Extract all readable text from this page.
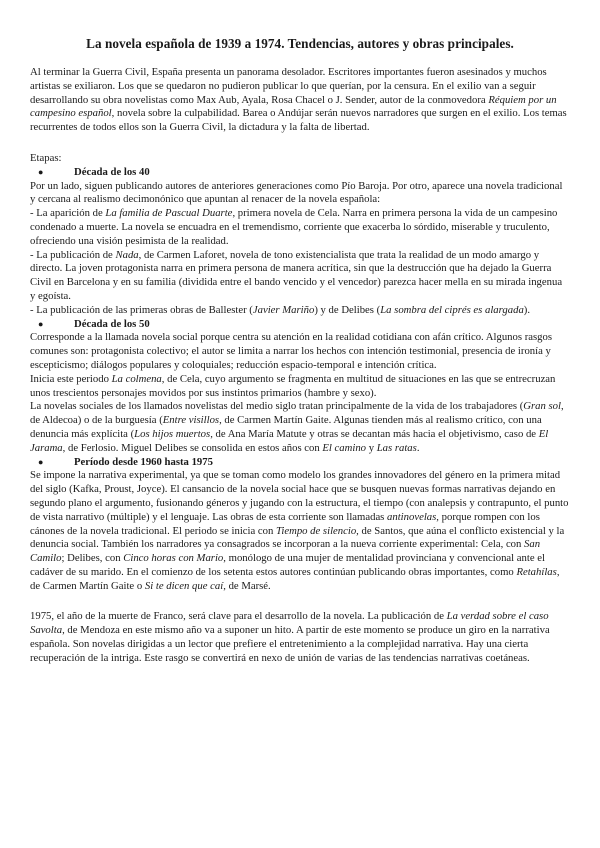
La novela española de 1939 a 1974. Tendencias, autores y obras principales.

Al terminar la Guerra Civil, España presenta un panorama desolador. Escritores importantes fueron asesinados y muchos artistas se exiliaron. Los que se quedaron no pudieron publicar lo que querían, por la censura. En el exilio van a seguir desarrollando su obra novelistas como Max Aub, Ayala, Rosa Chacel o J. Sender, autor de la conmovedora Réquiem por un campesino español, novela sobre la culpabilidad. Barea o Andújar serán nuevos narradores que surgen en el exilio. Los temas recurrentes de todos ellos son la Guerra Civil, la dictadura y la falta de libertad.

Etapas:

●	Década de los 40

Por un lado, siguen publicando autores de anteriores generaciones como Pío Baroja. Por otro, aparece una novela tradicional y cercana al realismo decimonónico que apuntan al renacer de la novela española:

- La aparición de La familia de Pascual Duarte, primera novela de Cela. Narra en primera persona la vida de un campesino condenado a muerte. La novela se encuadra en el tremendismo, corriente que exacerba lo sórdido, miserable y truculento, ofreciendo una visión pesimista de la realidad.

- La publicación de Nada, de Carmen Laforet, novela de tono existencialista que trata la realidad de un modo amargo y directo. La joven protagonista narra en primera persona de manera acrítica, sin que la destrucción que ha dejado la Guerra Civil en Barcelona y en su familia (dividida entre el bando vencido y el vencedor) parezca hacer mella en su mirada ingenua y egoísta.

- La publicación de las primeras obras de Ballester (Javier Mariño) y de Delibes (La sombra del ciprés es alargada).

●	Década de los 50

Corresponde a la llamada novela social porque centra su atención en la realidad cotidiana con afán crítico. Algunos rasgos comunes son: protagonista colectivo; el autor se limita a narrar los hechos con intención testimonial, presencia de ironía y escepticismo; diálogos populares y coloquiales; reducción espacio-temporal e intención crítica.

Inicia este periodo La colmena, de Cela, cuyo argumento se fragmenta en multitud de situaciones en las que se entrecruzan unos trescientos personajes movidos por sus instintos primarios (hambre y sexo).

La novelas sociales de los llamados novelistas del medio siglo tratan principalmente de la vida de los trabajadores (Gran sol, de Aldecoa) o de la burguesía (Entre visillos, de Carmen Martín Gaite. Algunas tienden más al realismo crítico, con una denuncia más explícita (Los hijos muertos, de Ana María Matute y otras se decantan más hacia el objetivismo, caso de El Jarama, de Ferlosio. Miguel Delibes se consolida en estos años con El camino y Las ratas.

●	Período desde 1960 hasta 1975

Se impone la narrativa experimental, ya que se toman como modelo los grandes innovadores del género en la primera mitad del siglo (Kafka, Proust, Joyce). El cansancio de la novela social hace que se busquen nuevas formas narrativas dejando en segundo plano el argumento, fusionando géneros y jugando con la estructura, el tiempo (con analepsis y contrapunto, el punto de vista narrativo (múltiple) y el lenguaje. Las obras de esta corriente son llamadas antinovelas, porque rompen con los cánones de la novela tradicional. El periodo se inicia con Tiempo de silencio, de Santos, que aúna el conflicto existencial y la denuncia social. También los narradores ya consagrados se incorporan a la nueva corriente experimental: Cela, con San Camilo; Delibes, con Cinco horas con Mario, monólogo de una mujer de mentalidad provinciana y convencional ante el cadáver de su marido. En el comienzo de los setenta estos autores continúan publicando obras importantes, como Retahílas, de Carmen Martín Gaite o Si te dicen que caí, de Marsé.

1975, el año de la muerte de Franco, será clave para el desarrollo de la novela. La publicación de La verdad sobre el caso Savolta, de Mendoza en este mismo año va a suponer un hito. A partir de este momento se produce un giro en la narrativa española. Son novelas dirigidas a un lector que prefiere el entretenimiento a la complejidad narrativa. Hay una cierta recuperación de la intriga. Este rasgo se convertirá en nexo de unión de varias de las tendencias narrativas coetáneas.
